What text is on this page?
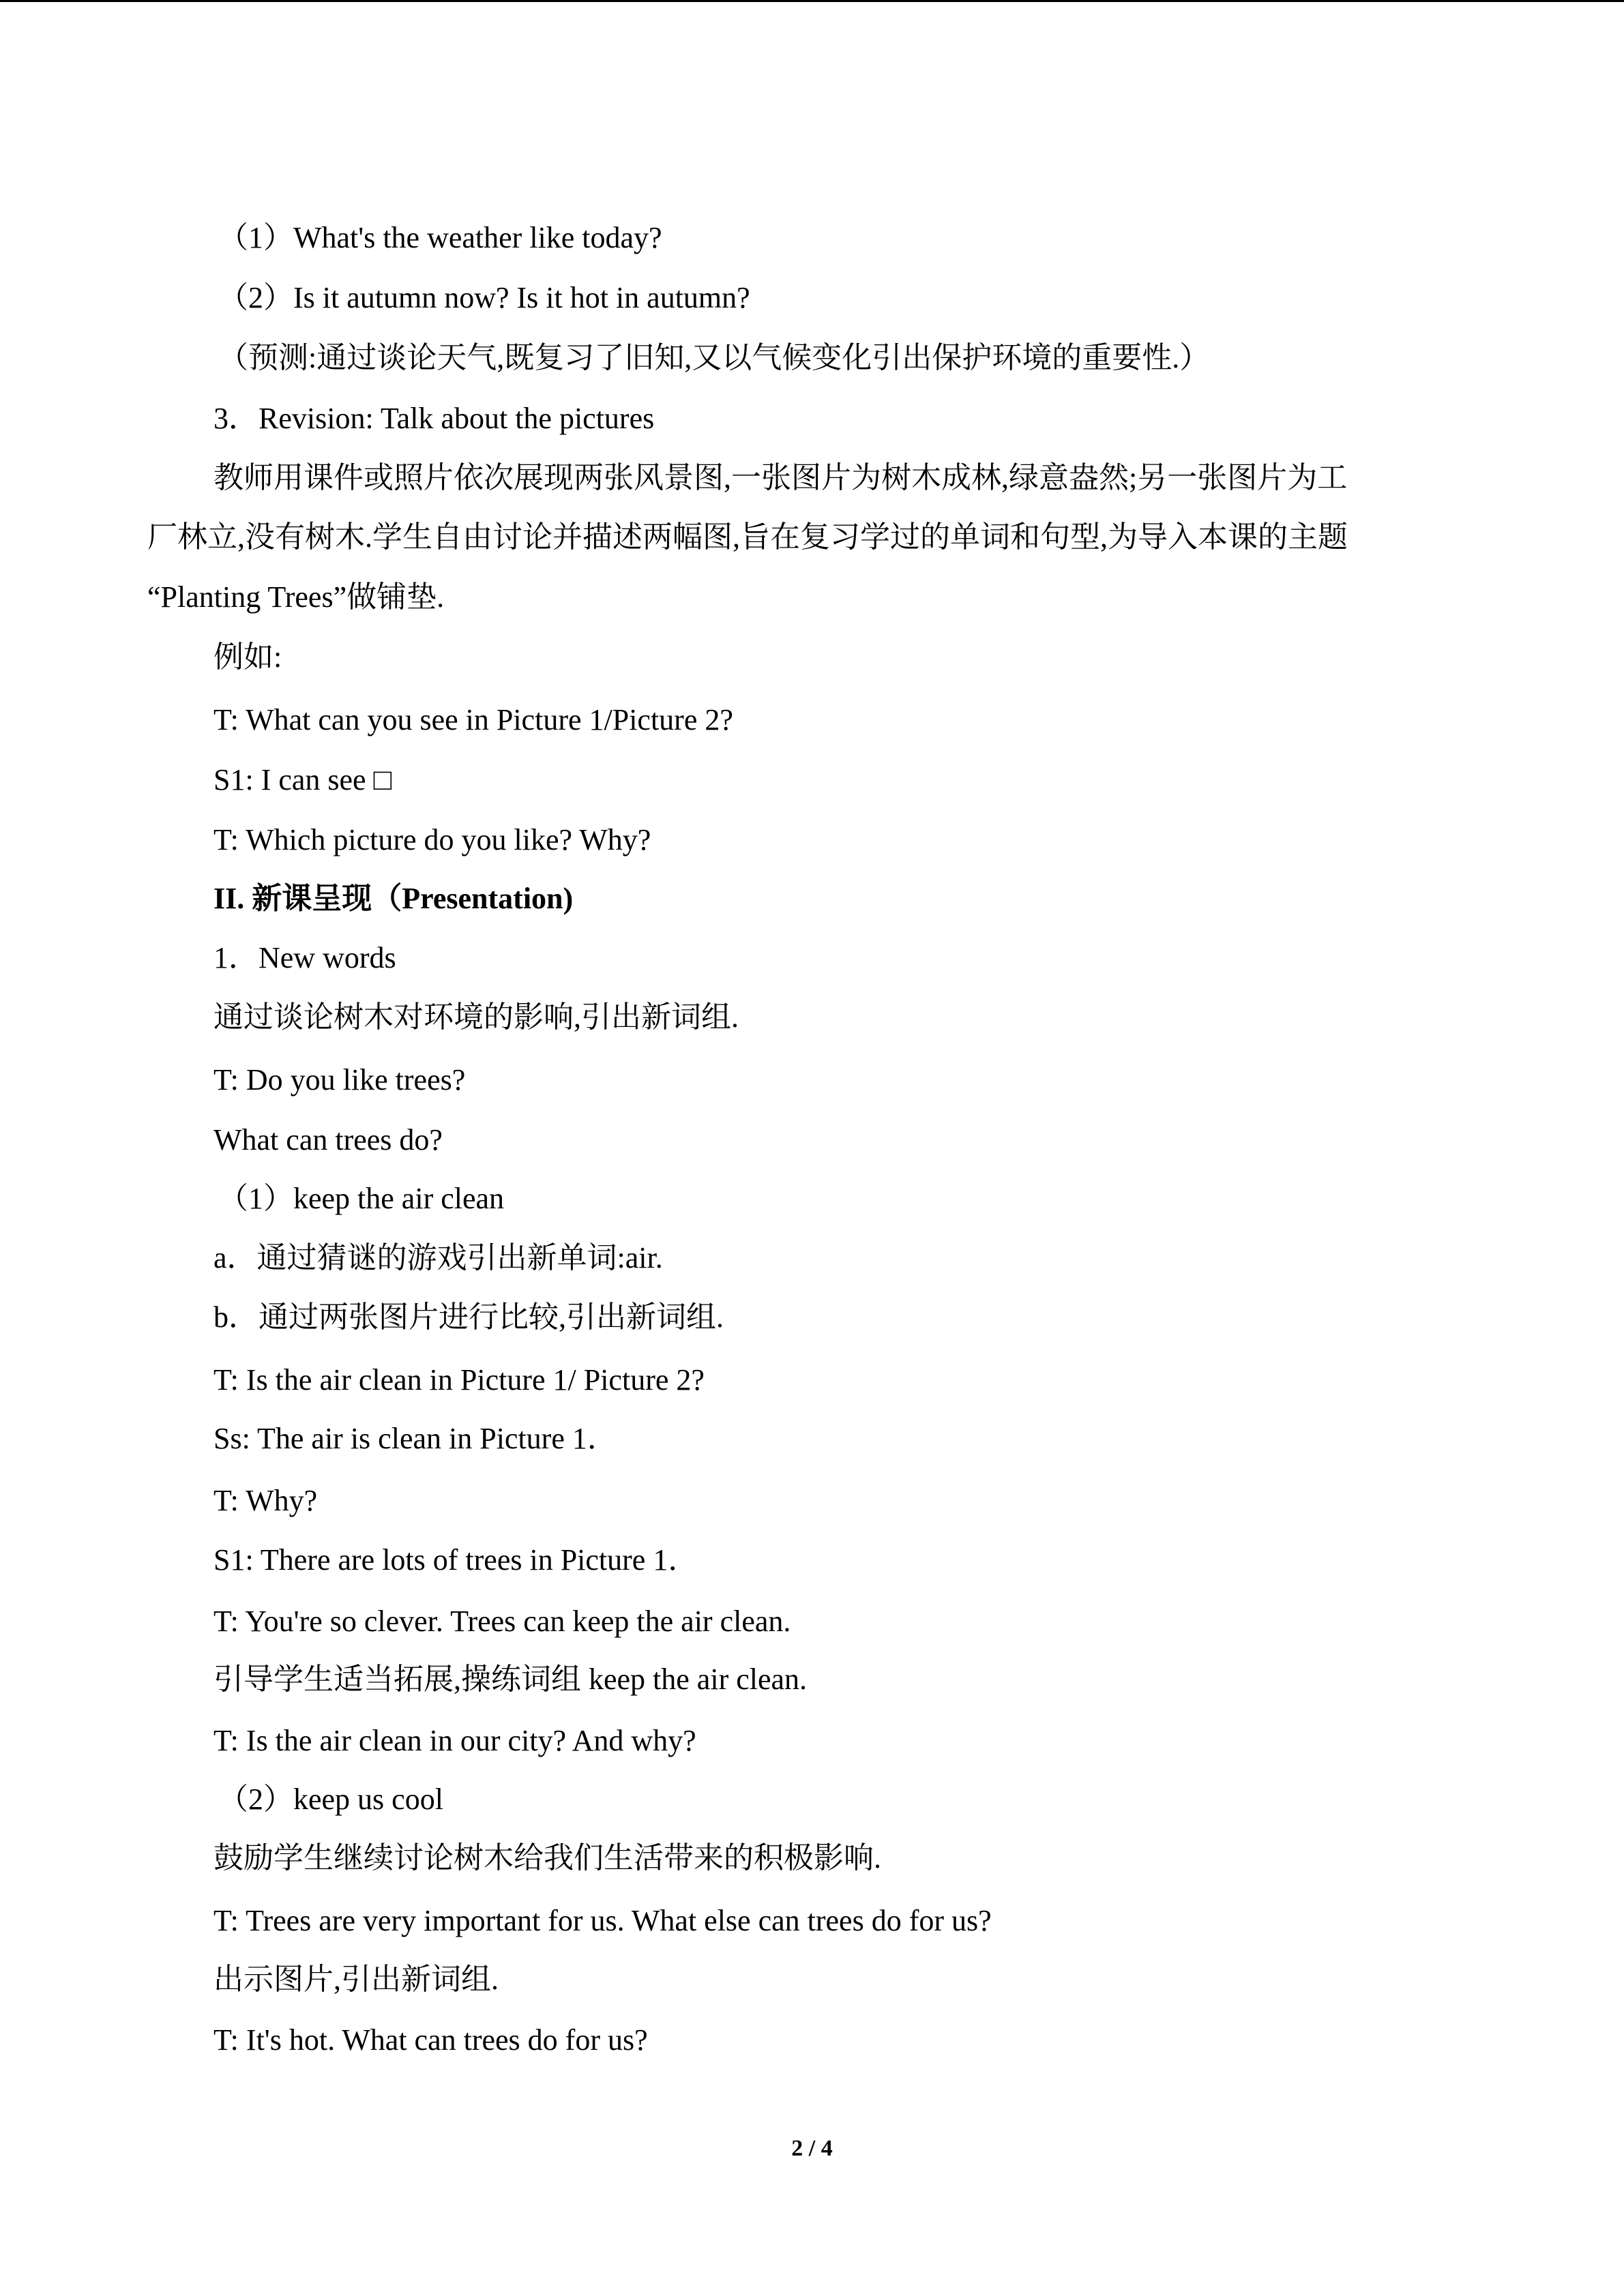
（1）What's the weather like today?
（2）Is it autumn now? Is it hot in autumn?
（预测:通过谈论天气,既复习了旧知,又以气候变化引出保护环境的重要性.）
3．Revision: Talk about the pictures
教师用课件或照片依次展现两张风景图,一张图片为树木成林,绿意盎然;另一张图片为工
厂林立,没有树木.学生自由讨论并描述两幅图,旨在复习学过的单词和句型,为导入本课的主题
“Planting Trees”做铺垫.
例如:
T: What can you see in Picture 1/Picture 2?
S1: I can see □
T: Which picture do you like? Why?
II. 新课呈现（Presentation)
1．New words
通过谈论树木对环境的影响,引出新词组.
T: Do you like trees?
What can trees do?
（1）keep the air clean
a．通过猜谜的游戏引出新单词:air.
b．通过两张图片进行比较,引出新词组.
T: Is the air clean in Picture 1/ Picture 2?
Ss: The air is clean in Picture 1．
T: Why?
S1: There are lots of trees in Picture 1．
T: You're so clever. Trees can keep the air clean.
引导学生适当拓展,操练词组 keep the air clean.
T: Is the air clean in our city? And why?
（2）keep us cool
鼓励学生继续讨论树木给我们生活带来的积极影响.
T: Trees are very important for us. What else can trees do for us?
出示图片,引出新词组.
T: It's hot. What can trees do for us?
2 / 4
